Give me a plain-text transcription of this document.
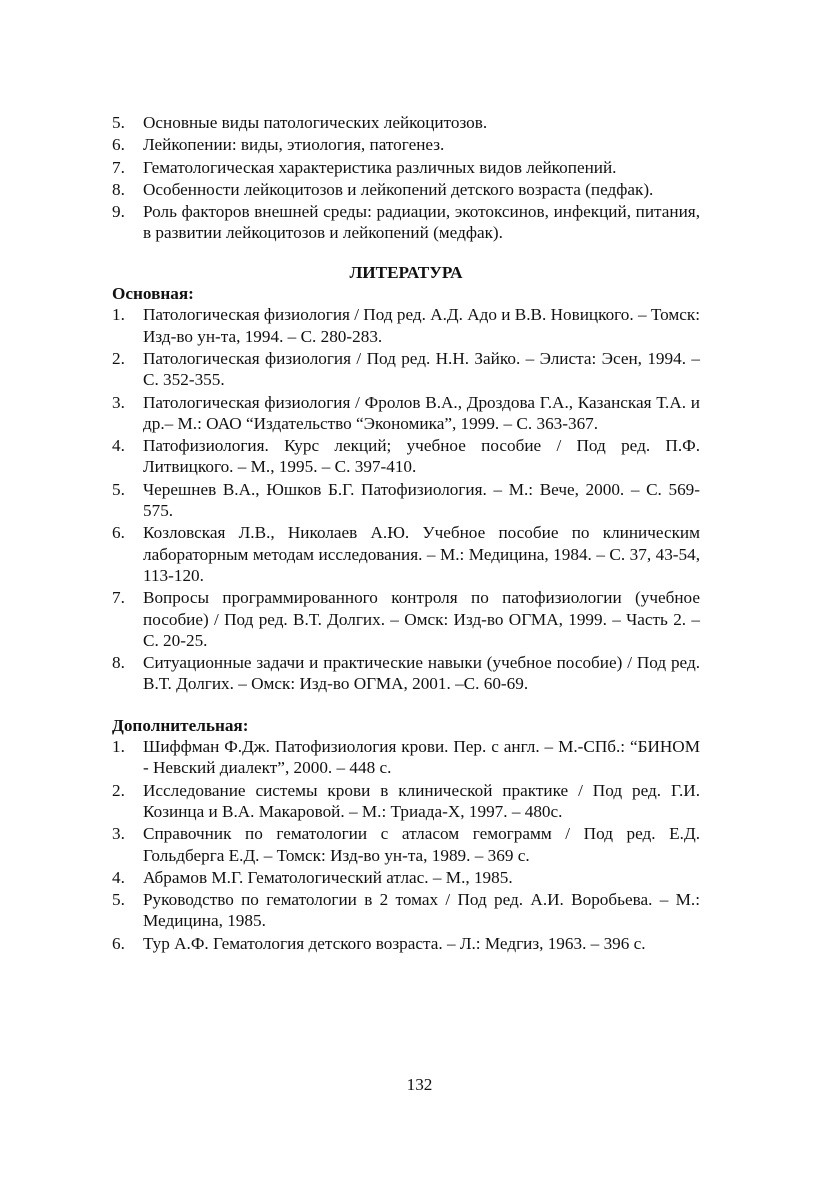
5.	Основные виды патологических лейкоцитозов.
6.	Лейкопении: виды, этиология, патогенез.
7.	Гематологическая характеристика различных видов лейкопений.
8.	Особенности лейкоцитозов и лейкопений детского возраста (педфак).
9.	Роль факторов внешней среды: радиации, экотоксинов, инфекций, питания, в развитии лейкоцитозов и лейкопений (медфак).
ЛИТЕРАТУРА
Основная:
1.	Патологическая физиология / Под ред. А.Д. Адо и В.В. Новицкого. – Томск: Изд-во ун-та, 1994. – С. 280-283.
2.	Патологическая физиология / Под ред. Н.Н. Зайко. – Элиста: Эсен, 1994. – С. 352-355.
3.	Патологическая физиология / Фролов В.А., Дроздова Г.А., Казанская Т.А. и др.– М.: ОАО “Издательство “Экономика”, 1999. – С. 363-367.
4.	Патофизиология. Курс лекций; учебное пособие / Под ред. П.Ф. Литвицкого. – М., 1995. – С. 397-410.
5.	Черешнев В.А., Юшков Б.Г. Патофизиология. – М.: Вече, 2000. – С. 569-575.
6.	Козловская Л.В., Николаев А.Ю. Учебное пособие по клиническим лабораторным методам исследования. – М.: Медицина, 1984. – С. 37, 43-54, 113-120.
7.	Вопросы программированного контроля по патофизиологии (учебное пособие) / Под ред. В.Т. Долгих. – Омск: Изд-во ОГМА, 1999. – Часть 2. – С. 20-25.
8.	Ситуационные задачи и практические навыки (учебное пособие) / Под ред. В.Т. Долгих. – Омск: Изд-во ОГМА, 2001. –С. 60-69.
Дополнительная:
1.	Шиффман Ф.Дж. Патофизиология крови. Пер. с англ. – М.-СПб.: “БИНОМ - Невский диалект”, 2000. – 448 с.
2.	Исследование системы крови в клинической практике / Под ред. Г.И. Козинца и В.А. Макаровой. – М.: Триада-Х, 1997. – 480с.
3.	Справочник по гематологии с атласом гемограмм / Под ред. Е.Д. Гольдберга Е.Д. – Томск: Изд-во ун-та, 1989. – 369 с.
4.	Абрамов М.Г. Гематологический атлас. – М., 1985.
5.	Руководство по гематологии в 2 томах / Под ред. А.И. Воробьева. – М.: Медицина, 1985.
6.	Тур А.Ф. Гематология детского возраста. – Л.: Медгиз, 1963. – 396 с.
132
